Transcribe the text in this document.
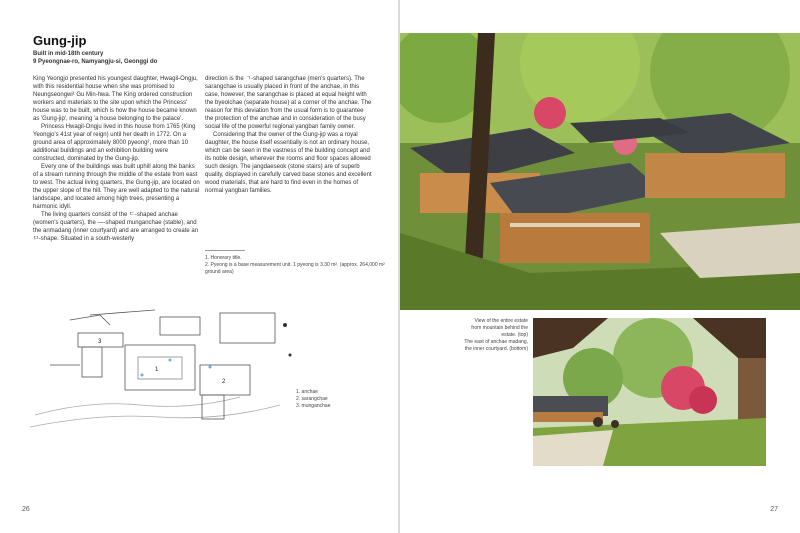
Gung-jip
Built in mid-18th century
9 Pyeongnae-ro, Namyangju-si, Geonggi do

King Yeongjo presented his youngest daughter, Hwagil-Ongju, with this residential house when she was promised to Neungseongwi¹ Gu Min-hwa. The King ordered construction workers and materials to the site upon which the Princess' house was to be built, which is how the house became known as 'Gung-jip', meaning 'a house belonging to the palace'.

Princess Hwagil-Ongju lived in this house from 1765 (King Yeongjo's 41st year of reign) until her death in 1772. On a ground area of approximately 8000 pyeong², more than 10 additional buildings and an exhibition building were constructed, dominated by the Gung-jip.

Every one of the buildings was built uphill along the banks of a stream running through the middle of the estate from east to west. The actual living quarters, the Gung-jip, are located on the upper slope of the hill. They are well adapted to the natural landscape, and located among high trees, presenting a harmonic idyll.

The living quarters consist of the ㄷ-shaped anchae (women's quarters), the —-shaped munganchae (stable), and the anmadang (inner courtyard) and are arranged to create an ㅁ-shape. Situated in a south-westerly

direction is the ㄱ-shaped sarangchae (men's quarters). The sarangchae is usually placed in front of the anchae, in this case, however, the sarangchae is placed at equal height with the byeolchae (separate house) at a corner of the anchae. The reason for this deviation from the usual form is to guarantee the protection of the anchae and in consideration of the busy social life of the powerful regional yangban family owner.

Considering that the owner of the Gung-jip was a royal daughter, the house itself essentially is not an ordinary house, which can be seen in the vastness of the building concept and its noble design, wherever the rooms and floor spaces allowed such design. The jangdaeseok (stone stairs) are of superb quality, displayed in carefully carved base stones and excellent wood materials, that are hard to find even in the homes of normal yangban families.

1. Honorary title.
2. Pyeong is a base measurement unit. 1 pyeong is 3.30 m². (approx. 264,000 m² ground area)
1
2
3
1. anchae
2. sarangchae
3. munganchae
26	27
View of the entire estate
from mountain behind the
estate. (top)
The east of anchae madang,
the inner courtyard. (bottom)
